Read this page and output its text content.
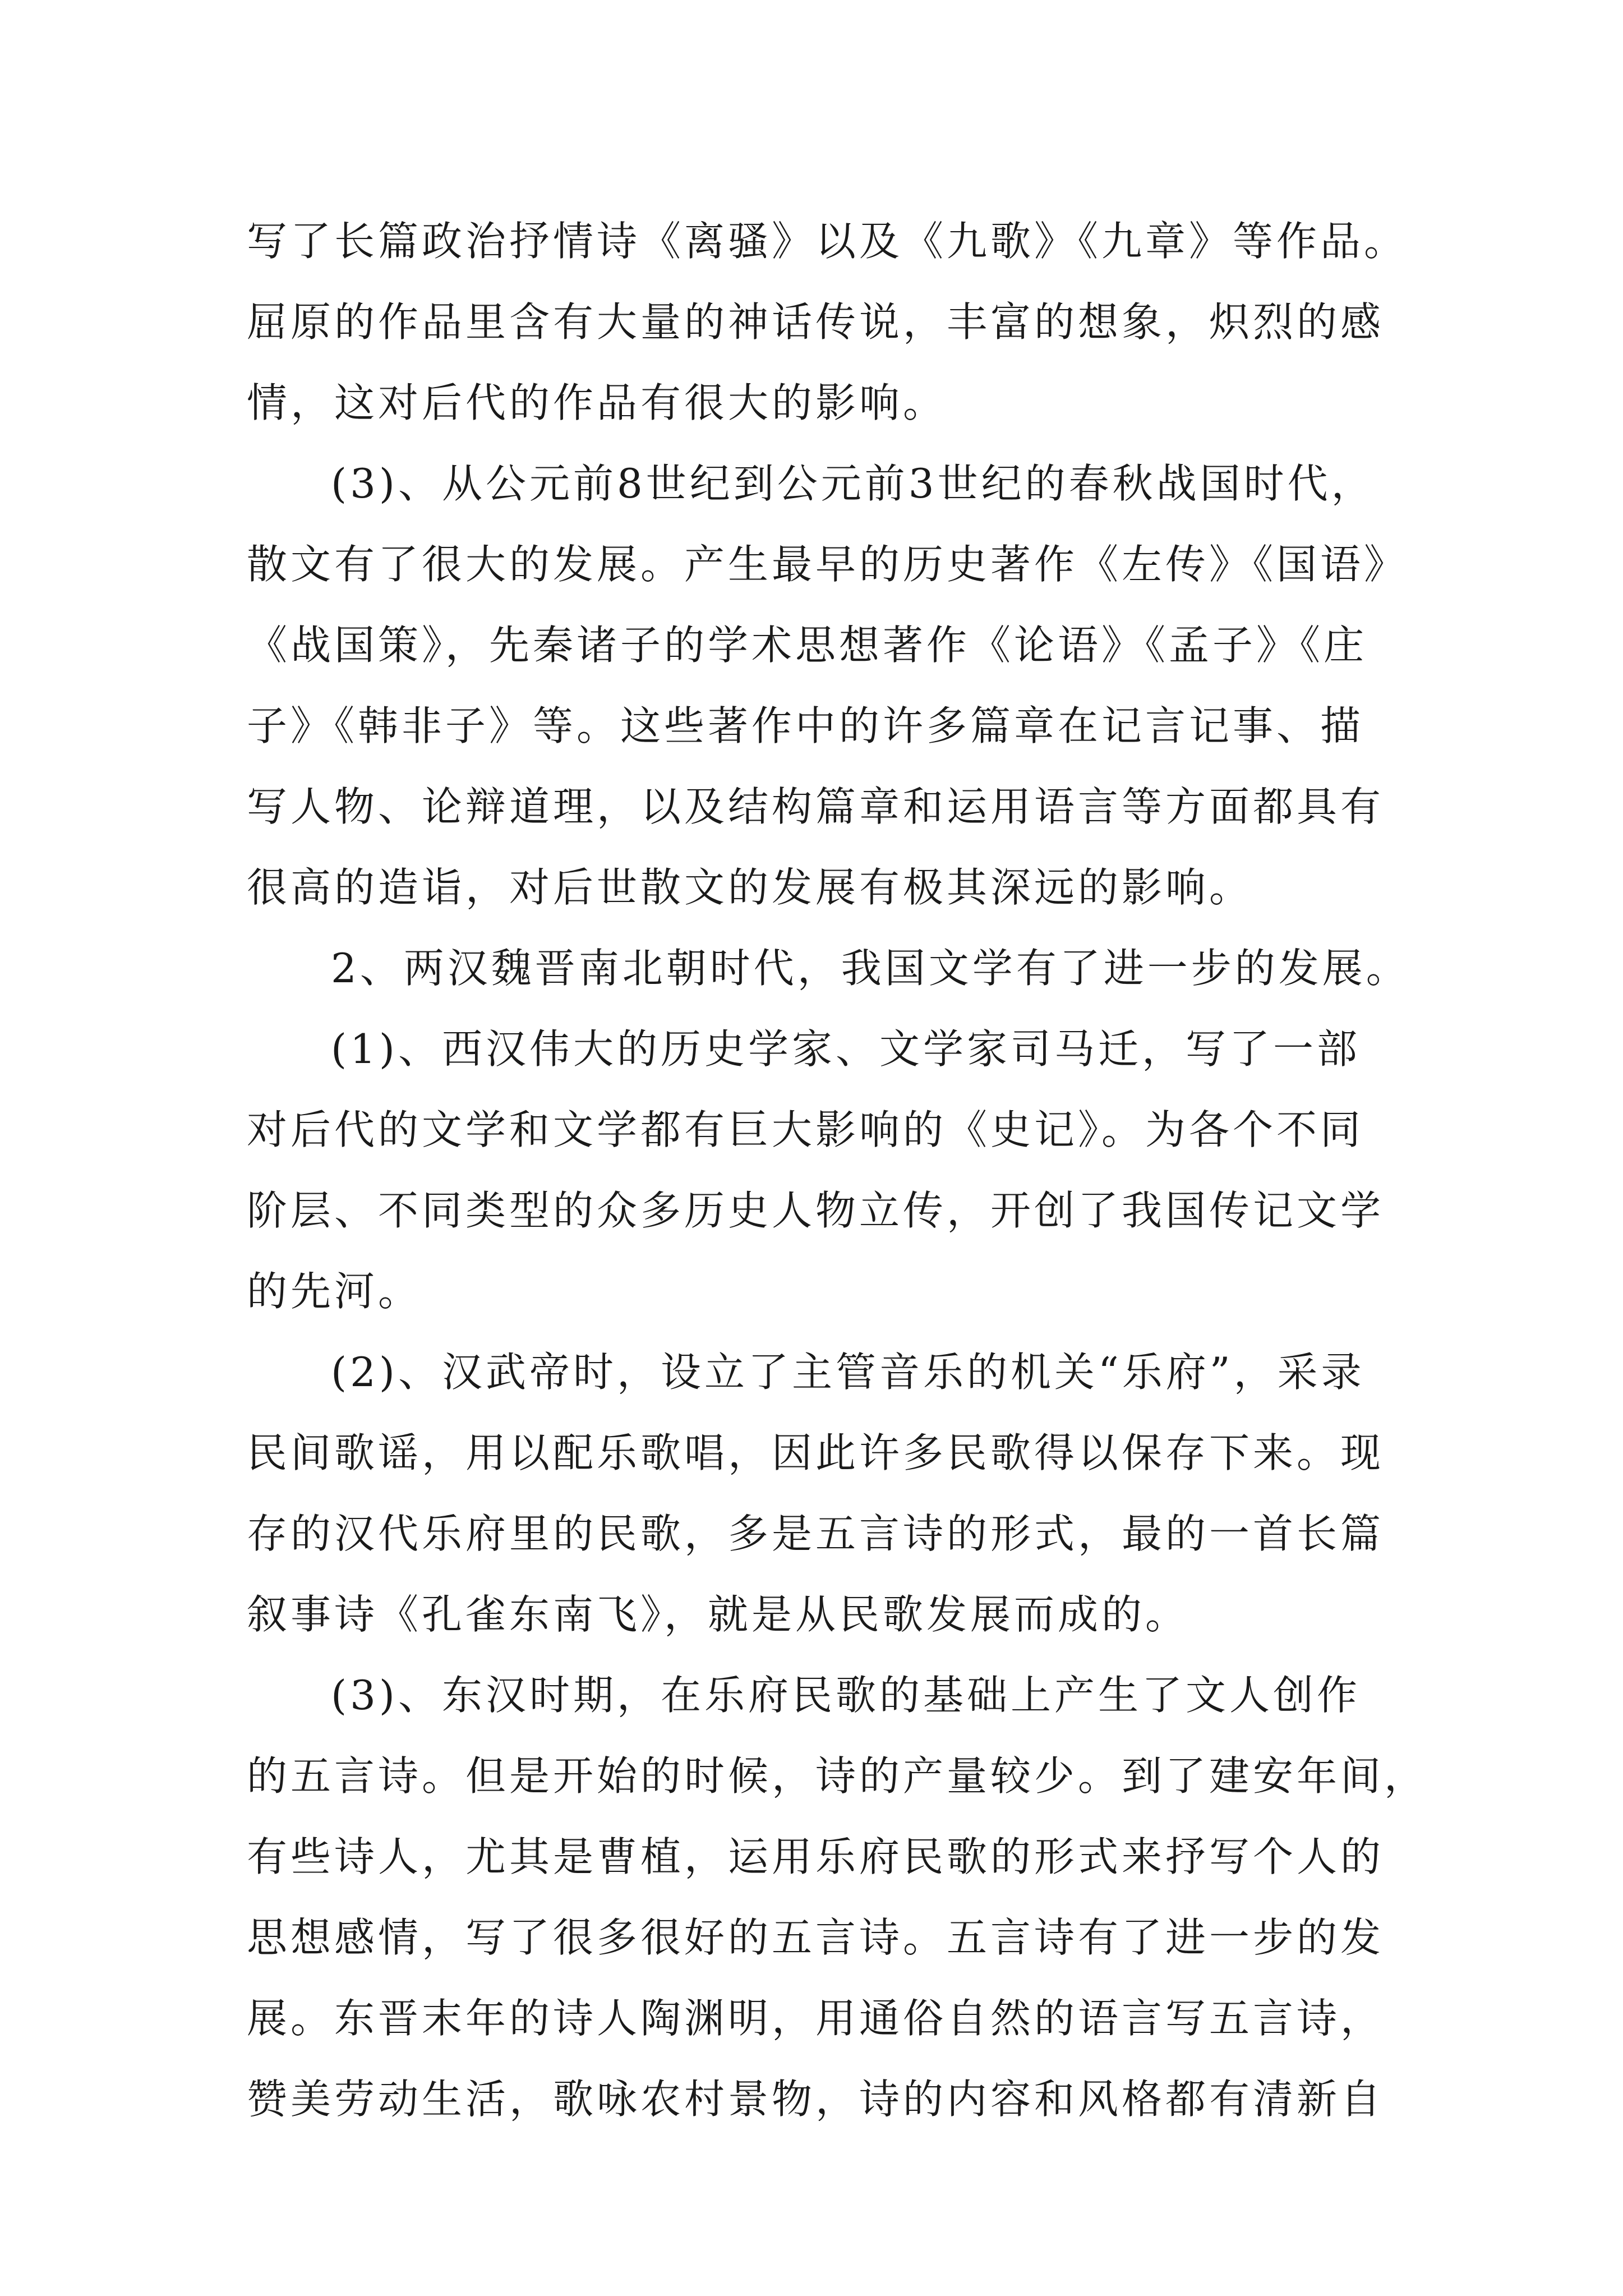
写了长篇政治抒情诗《离骚》以及《九歌》《九章》等作品。
屈原的作品里含有大量的神话传说，丰富的想象，炽烈的感
情，这对后代的作品有很大的影响。
(3)、从公元前8世纪到公元前3世纪的春秋战国时代，
散文有了很大的发展。产生最早的历史著作《左传》《国语》
《战国策》，先秦诸子的学术思想著作《论语》《孟子》《庄
子》《韩非子》等。这些著作中的许多篇章在记言记事、描
写人物、论辩道理，以及结构篇章和运用语言等方面都具有
很高的造诣，对后世散文的发展有极其深远的影响。
2、两汉魏晋南北朝时代，我国文学有了进一步的发展。
(1)、西汉伟大的历史学家、文学家司马迁，写了一部
对后代的文学和文学都有巨大影响的《史记》。为各个不同
阶层、不同类型的众多历史人物立传，开创了我国传记文学
的先河。
(2)、汉武帝时，设立了主管音乐的机关“乐府”，采录
民间歌谣，用以配乐歌唱，因此许多民歌得以保存下来。现
存的汉代乐府里的民歌，多是五言诗的形式，最的一首长篇
叙事诗《孔雀东南飞》，就是从民歌发展而成的。
(3)、东汉时期，在乐府民歌的基础上产生了文人创作
的五言诗。但是开始的时候，诗的产量较少。到了建安年间，
有些诗人，尤其是曹植，运用乐府民歌的形式来抒写个人的
思想感情，写了很多很好的五言诗。五言诗有了进一步的发
展。东晋末年的诗人陶渊明，用通俗自然的语言写五言诗，
赞美劳动生活，歌咏农村景物，诗的内容和风格都有清新自
